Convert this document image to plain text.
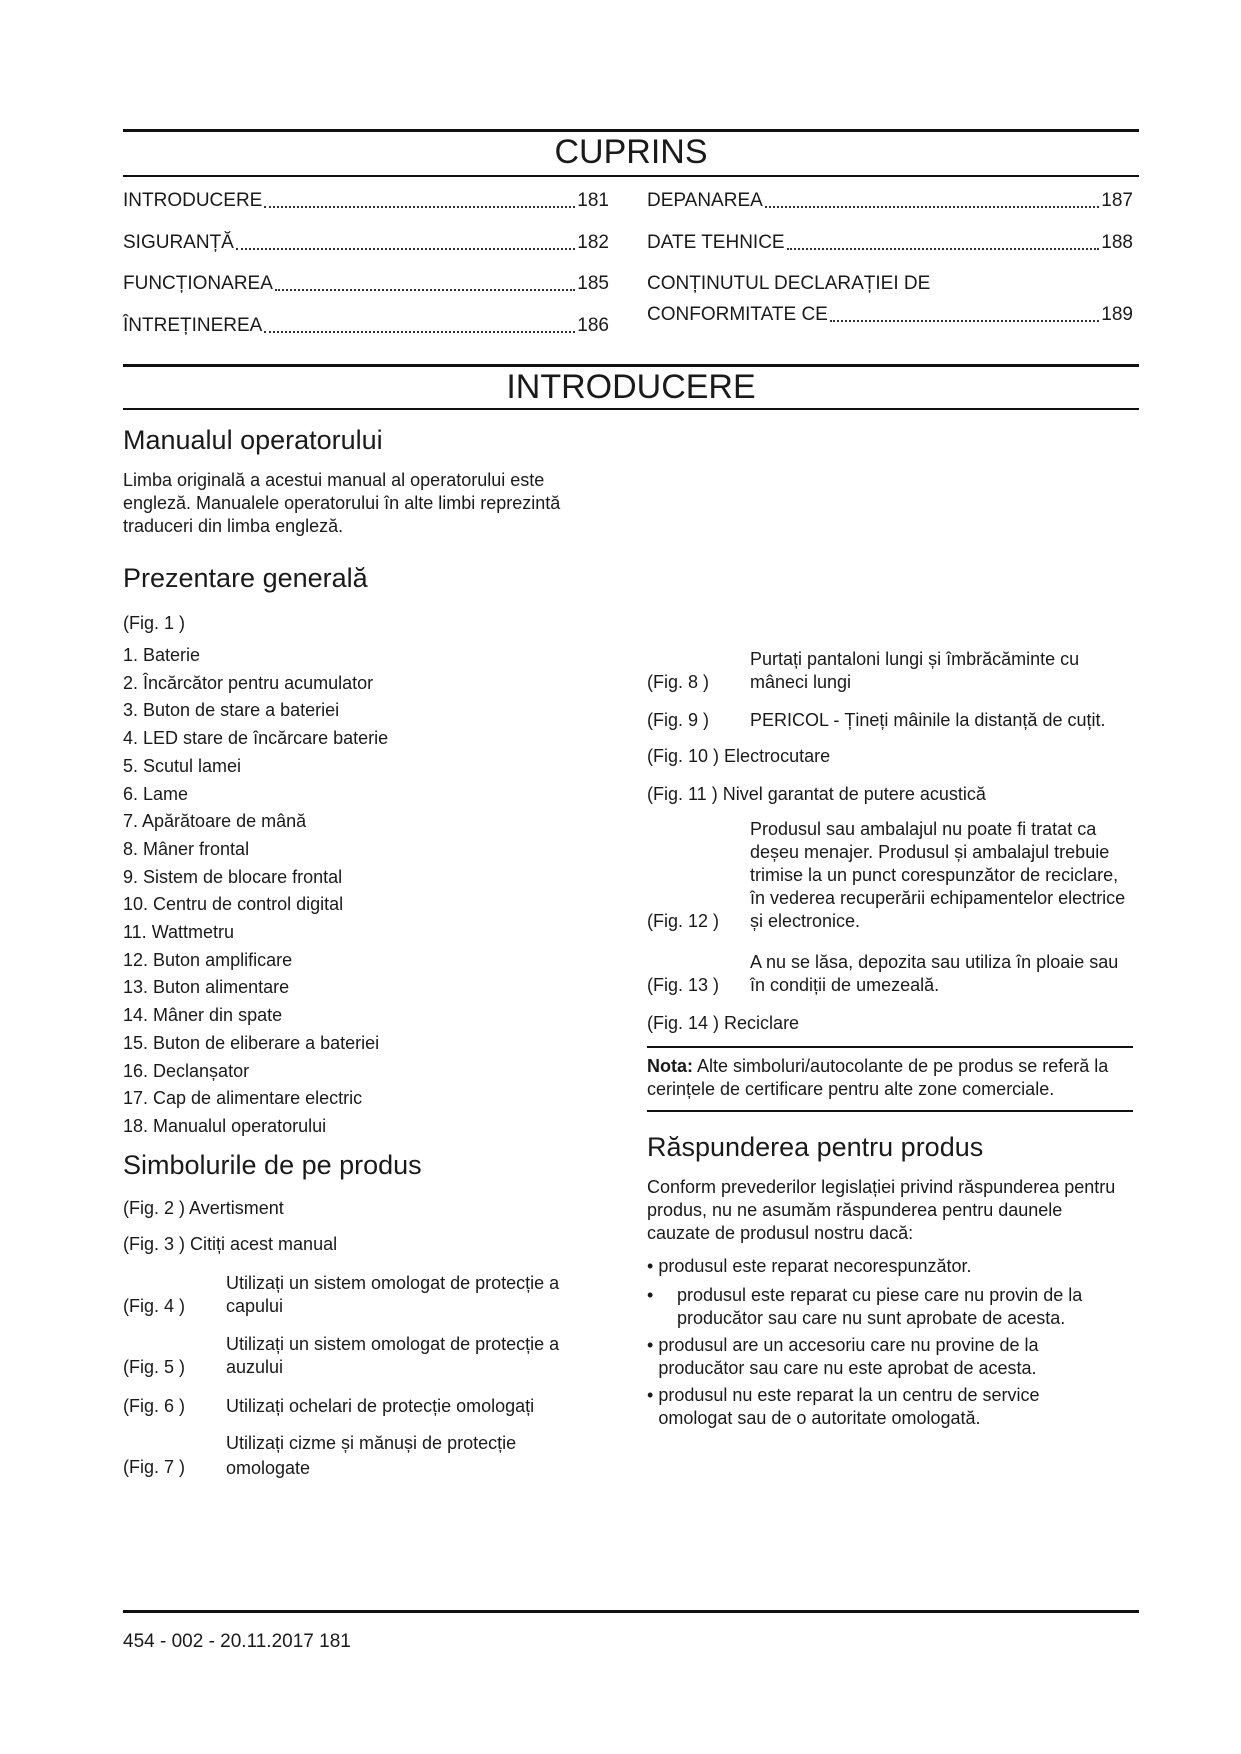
CUPRINS
INTRODUCERE	181
SIGURANȚĂ	182
FUNCȚIONAREA	185
ÎNTREȚINEREA	186
DEPANAREA	187
DATE TEHNICE	188
CONȚINUTUL DECLARAȚIEI DE
CONFORMITATE CE	189
INTRODUCERE
Manualul operatorului
Limba originală a acestui manual al operatorului este engleză. Manualele operatorului în alte limbi reprezintă traduceri din limba engleză.
Prezentare generală
(Fig. 1 )
1. Baterie
2. Încărcător pentru acumulator
3. Buton de stare a bateriei
4. LED stare de încărcare baterie
5. Scutul lamei
6. Lame
7. Apărătoare de mână
8. Mâner frontal
9. Sistem de blocare frontal
10. Centru de control digital
11. Wattmetru
12. Buton amplificare
13. Buton alimentare
14. Mâner din spate
15. Buton de eliberare a bateriei
16. Declanșator
17. Cap de alimentare electric
18. Manualul operatorului
Simbolurile de pe produs
(Fig. 2 ) Avertisment
(Fig. 3 ) Citiți acest manual
(Fig. 4 )
Utilizați un sistem omologat de protecție a capului
(Fig. 5 )
Utilizați un sistem omologat de protecție a auzului
(Fig. 6 ) Utilizați ochelari de protecție omologați
(Fig. 7 )
Utilizați cizme și mănuși de protecție omologate
(Fig. 8 )
Purtați pantaloni lungi și îmbrăcăminte cu mâneci lungi
(Fig. 9 ) PERICOL - Țineți mâinile la distanță de cuțit.
(Fig. 10 ) Electrocutare
(Fig. 11 ) Nivel garantat de putere acustică
(Fig. 12 )
Produsul sau ambalajul nu poate fi tratat ca deșeu menajer. Produsul și ambalajul trebuie trimise la un punct corespunzător de reciclare, în vederea recuperării echipamentelor electrice și electronice.
(Fig. 13 )
A nu se lăsa, depozita sau utiliza în ploaie sau în condiții de umezeală.
(Fig. 14 ) Reciclare
Nota: Alte simboluri/autocolante de pe produs se referă la cerințele de certificare pentru alte zone comerciale.
Răspunderea pentru produs
Conform prevederilor legislației privind răspunderea pentru produs, nu ne asumăm răspunderea pentru daunele cauzate de produsul nostru dacă:
• produsul este reparat necorespunzător.
• produsul este reparat cu piese care nu provin de la producător sau care nu sunt aprobate de acesta.
• produsul are un accesoriu care nu provine de la producător sau care nu este aprobat de acesta.
• produsul nu este reparat la un centru de service omologat sau de o autoritate omologată.
454 - 002 - 20.11.2017 181
